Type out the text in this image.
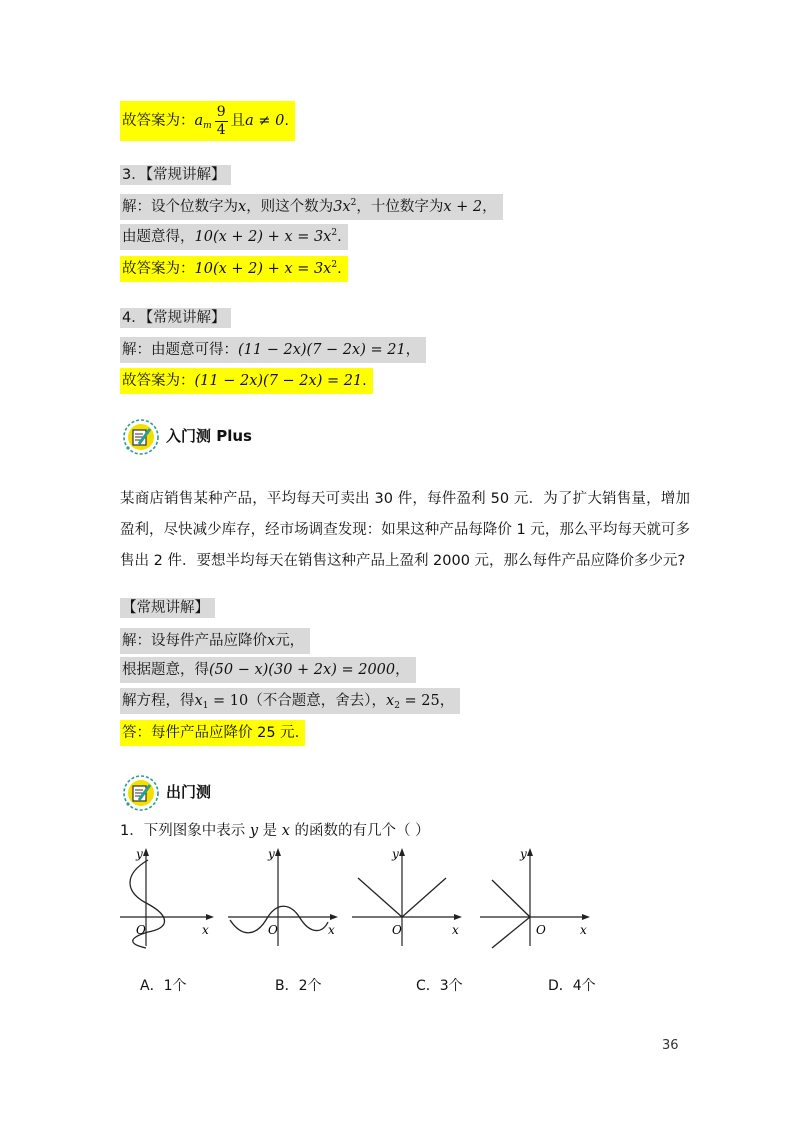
故答案为：$a_m \frac{9}{4}$ 且a ≠ 0.
3．【常规讲解】
解：设个位数字为x，则这个数为$3x^2$，十位数字为x + 2，
由题意得，$10(x + 2) + x = 3x^2$.
故答案为：$10(x + 2) + x = 3x^2$.
4．【常规讲解】
解：由题意可得：(11 − 2x)(7 − 2x) = 21，
故答案为：(11 − 2x)(7 − 2x) = 21.
入门测 Plus
某商店销售某种产品，平均每天可卖出 30 件，每件盈利 50 元．为了扩大销售量，增加盈利，尽快减少库存，经市场调查发现：如果这种产品每降价 1 元，那么平均每天就可多售出 2 件．要想半均每天在销售这种产品上盈利 2000 元，那么每件产品应降价多少元?
【常规讲解】
解：设每件产品应降价x元，
根据题意，得(50 − x)(30 + 2x) = 2000，
解方程，得$x_1 = 10$（不合题意，舍去），$x_2 = 25$，
答：每件产品应降价 25 元.
出门测
1．下列图象中表示 y 是 x 的函数的有几个（ ）
y
x
O
y
x
O
y
x
O
y
x
O
A．1个	B．2个	C．3个	D．4个
36
